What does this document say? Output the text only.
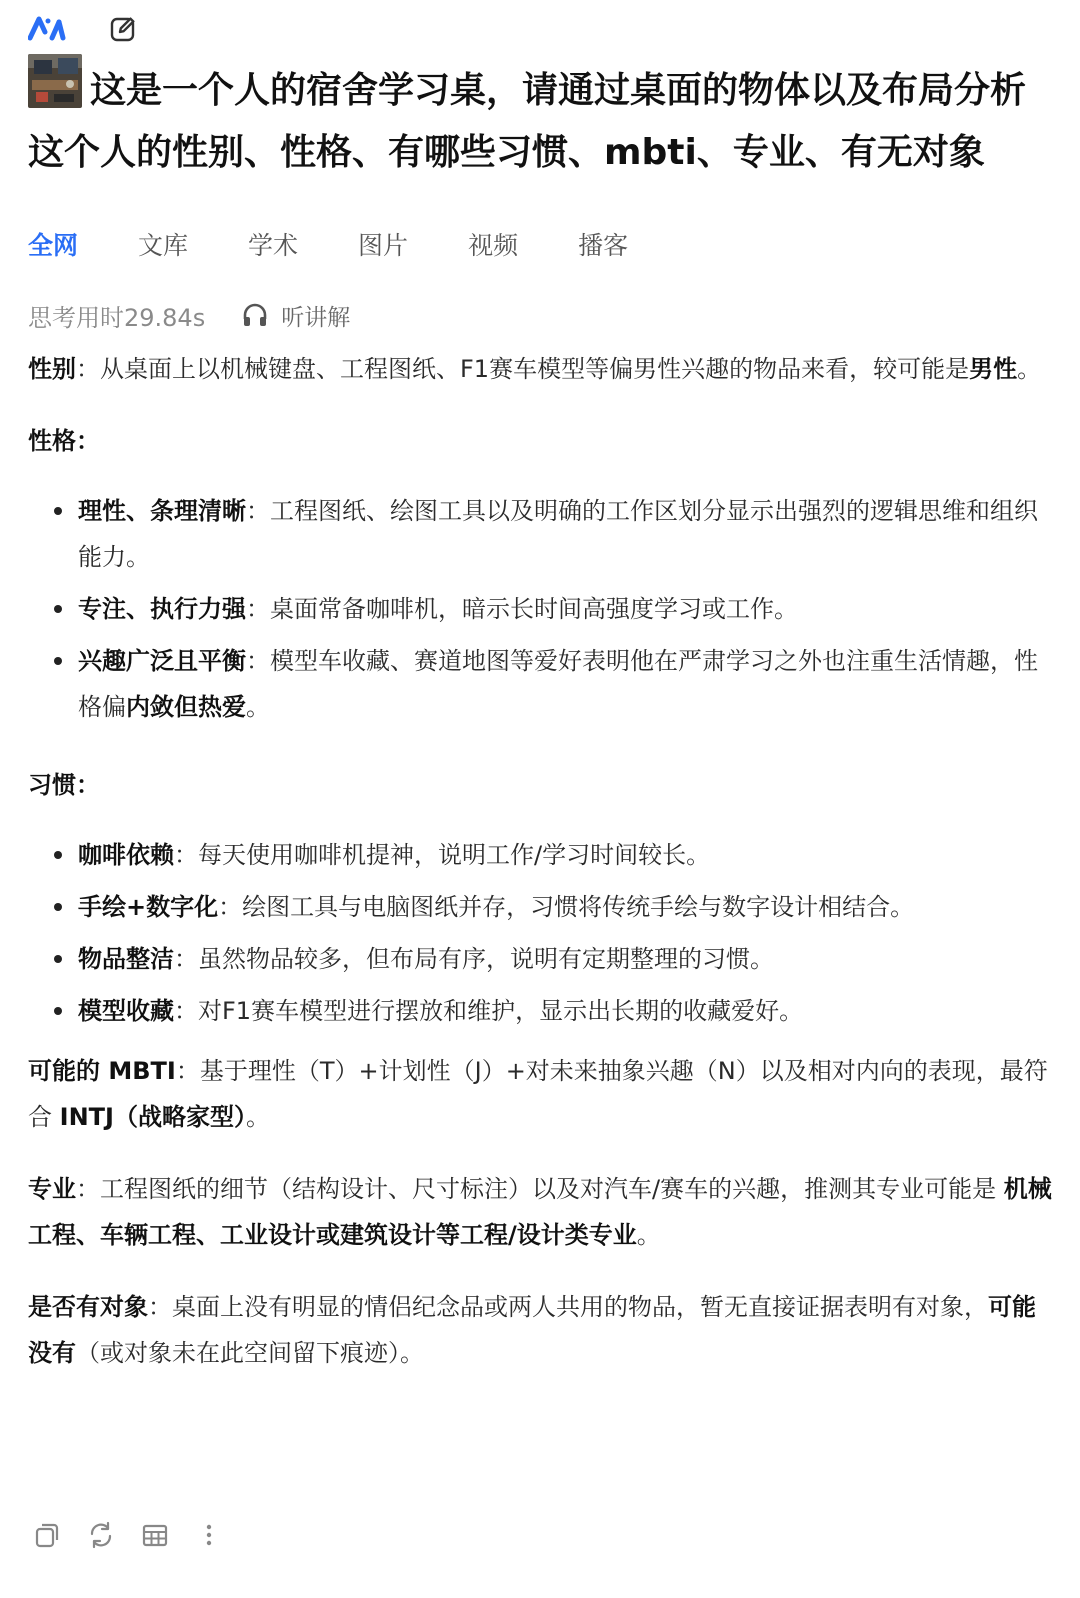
这是一个人的宿舍学习桌，请通过桌面的物体以及布局分析这个人的性别、性格、有哪些习惯、mbti、专业、有无对象
全网 文库 学术 图片 视频 播客
思考用时29.84s	听讲解

性别：从桌面上以机械键盘、工程图纸、F1赛车模型等偏男性兴趣的物品来看，较可能是男性。

性格：

理性、条理清晰：工程图纸、绘图工具以及明确的工作区划分显示出强烈的逻辑思维和组织能力。
专注、执行力强：桌面常备咖啡机，暗示长时间高强度学习或工作。
兴趣广泛且平衡：模型车收藏、赛道地图等爱好表明他在严肃学习之外也注重生活情趣，性格偏内敛但热爱。

习惯：

咖啡依赖：每天使用咖啡机提神，说明工作/学习时间较长。
手绘+数字化：绘图工具与电脑图纸并存，习惯将传统手绘与数字设计相结合。
物品整洁：虽然物品较多，但布局有序，说明有定期整理的习惯。
模型收藏：对F1赛车模型进行摆放和维护，显示出长期的收藏爱好。

可能的 MBTI：基于理性（T）+计划性（J）+对未来抽象兴趣（N）以及相对内向的表现，最符合 INTJ（战略家型）。

专业：工程图纸的细节（结构设计、尺寸标注）以及对汽车/赛车的兴趣，推测其专业可能是 机械工程、车辆工程、工业设计或建筑设计等工程/设计类专业。

是否有对象：桌面上没有明显的情侣纪念品或两人共用的物品，暂无直接证据表明有对象，可能没有（或对象未在此空间留下痕迹）。
